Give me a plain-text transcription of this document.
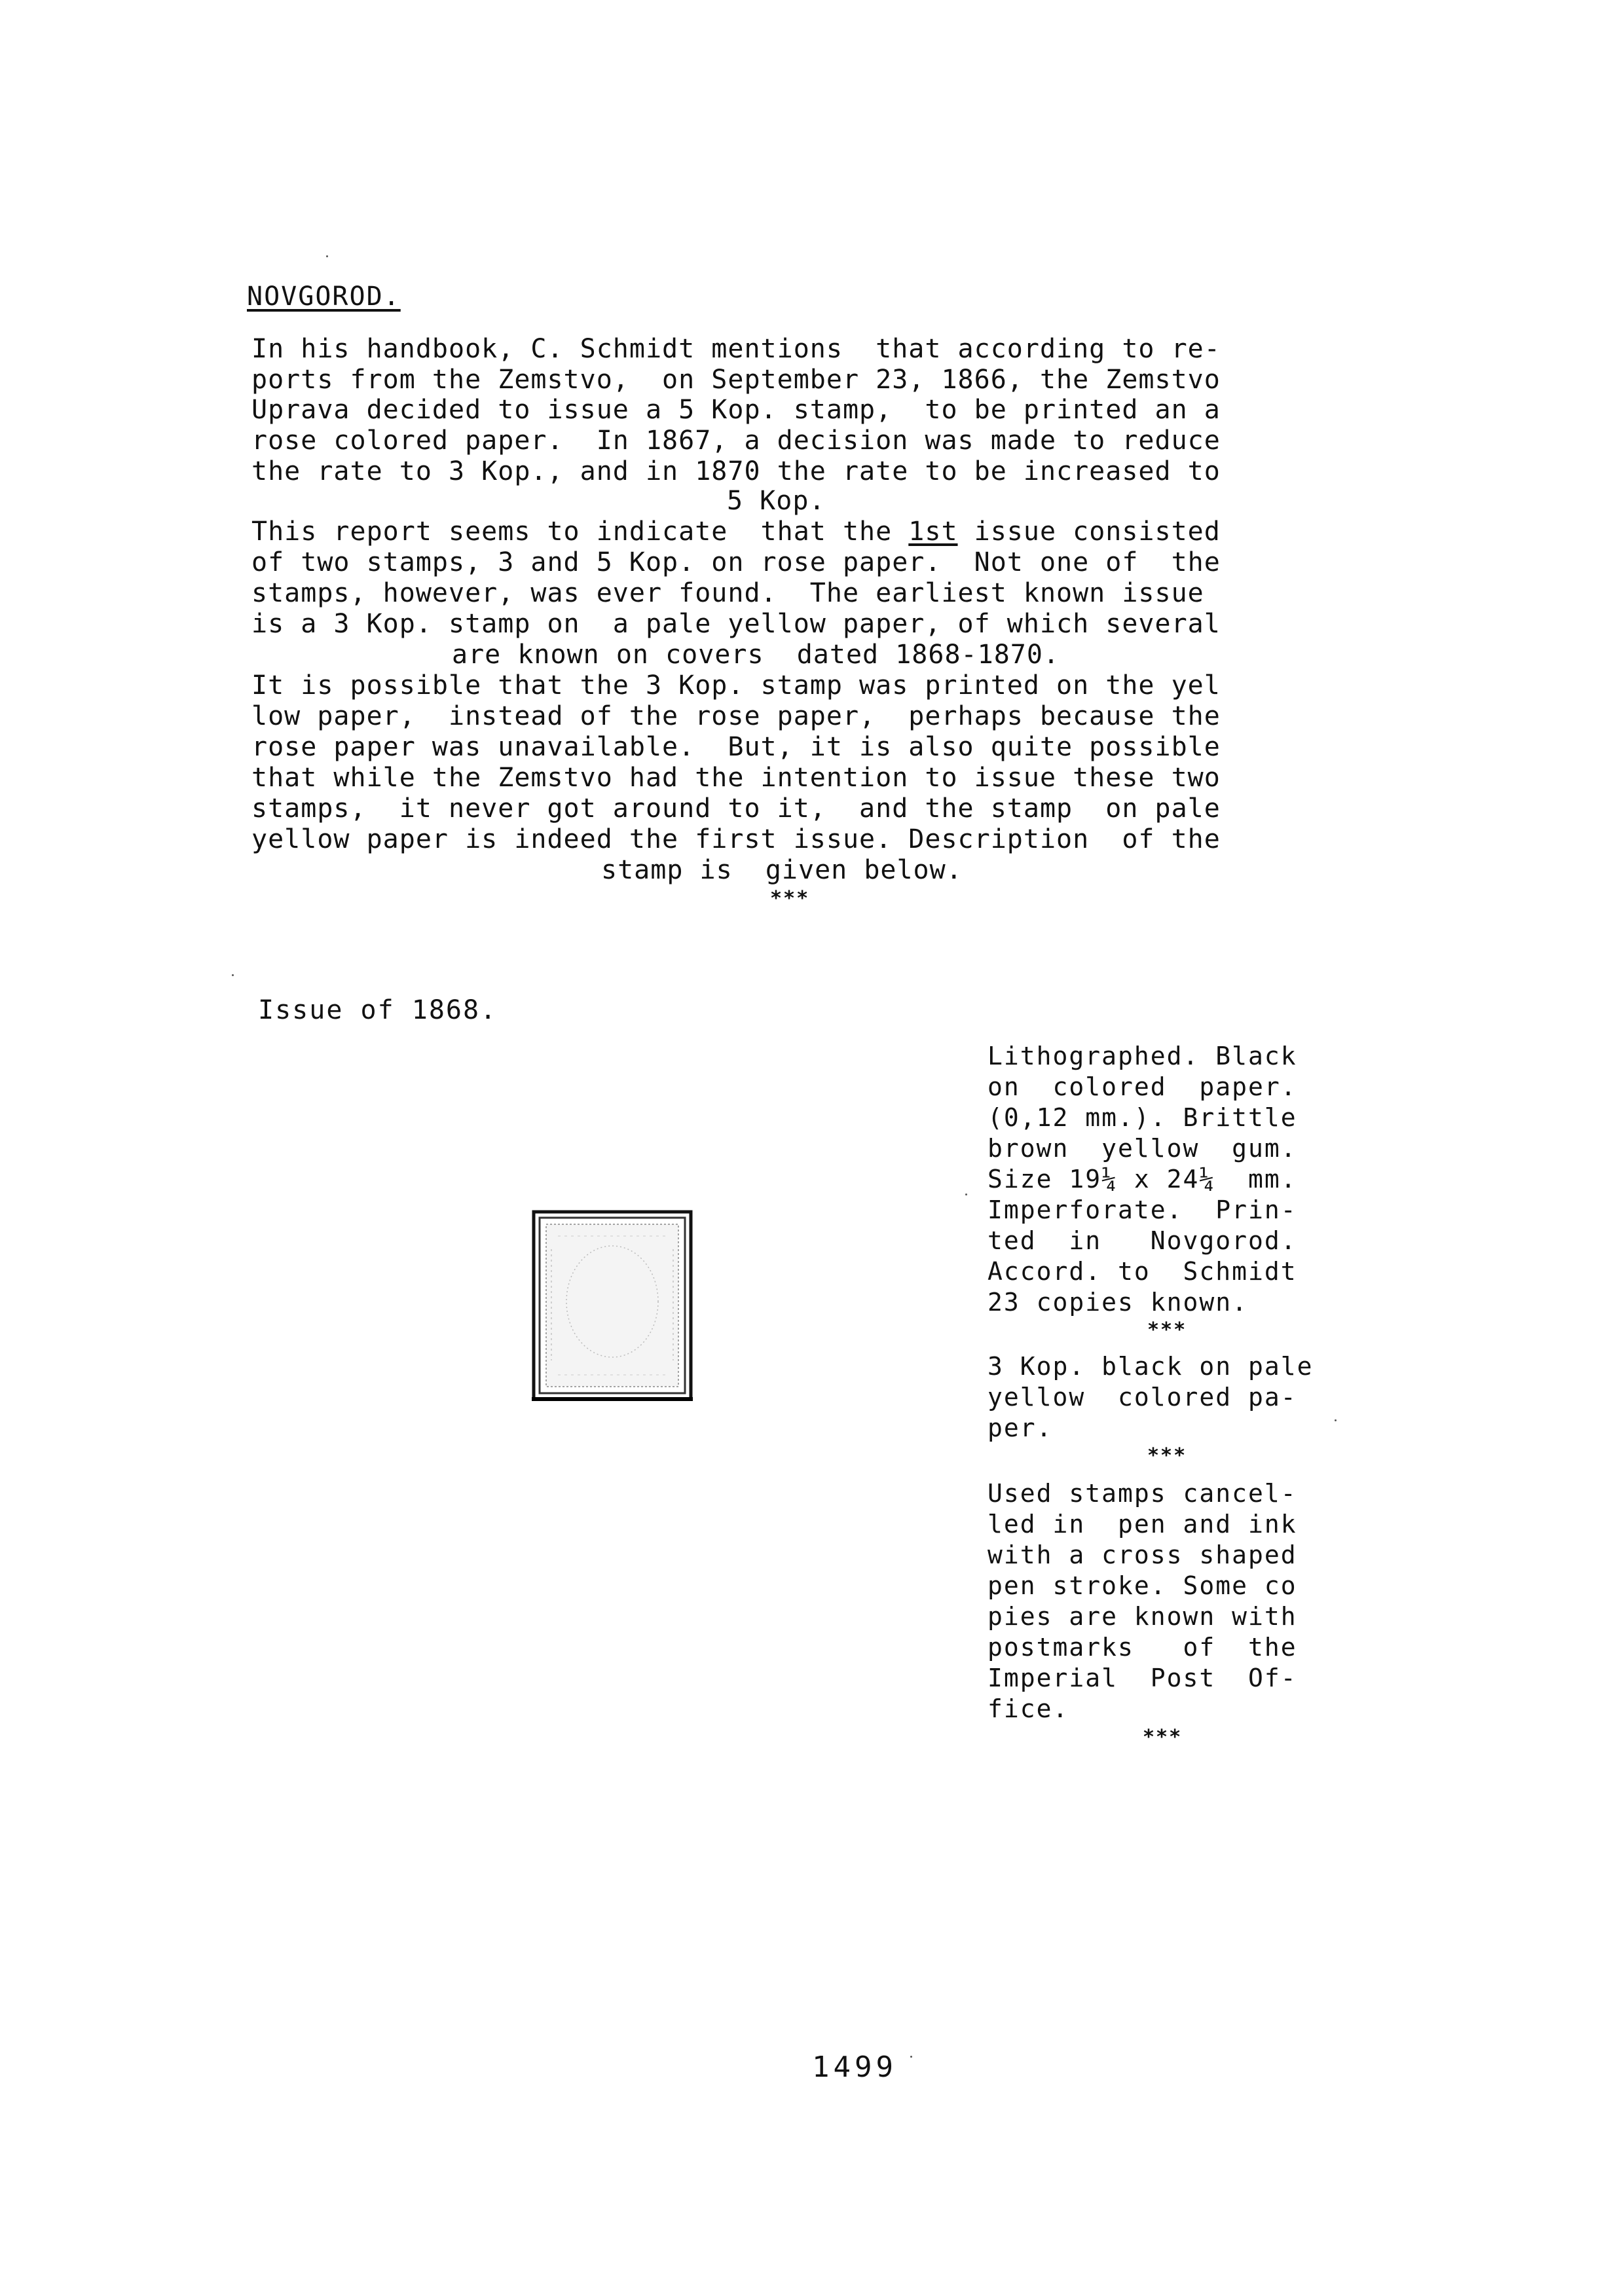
NOVGOROD.
In his handbook, C. Schmidt mentions  that according to re-
ports from the Zemstvo,  on September 23, 1866, the Zemstvo
Uprava decided to issue a 5 Kop. stamp,  to be printed an a
rose colored paper.  In 1867, a decision was made to reduce
the rate to 3 Kop., and in 1870 the rate to be increased to
5 Kop.
This report seems to indicate  that the 1st issue consisted
of two stamps, 3 and 5 Kop. on rose paper.  Not one of  the
stamps, however, was ever found.  The earliest known issue
is a 3 Kop. stamp on  a pale yellow paper, of which several
are known on covers  dated 1868-1870.
It is possible that the 3 Kop. stamp was printed on the yel
low paper,  instead of the rose paper,  perhaps because the
rose paper was unavailable.  But, it is also quite possible
that while the Zemstvo had the intention to issue these two
stamps,  it never got around to it,  and the stamp  on pale
yellow paper is indeed the first issue. Description  of the
stamp is  given below.
***
Issue of 1868.
Lithographed. Black
on  colored  paper.
(0,12 mm.). Brittle
brown  yellow  gum.
Size 19¼ x 24¼  mm.
Imperforate.  Prin-
ted  in   Novgorod.
Accord. to  Schmidt
23 copies known.
***
3 Kop. black on pale
yellow  colored pa-
per.
***
Used stamps cancel-
led in  pen and ink
with a cross shaped
pen stroke. Some co
pies are known with
postmarks   of  the
Imperial  Post  Of-
fice.
***
1499
